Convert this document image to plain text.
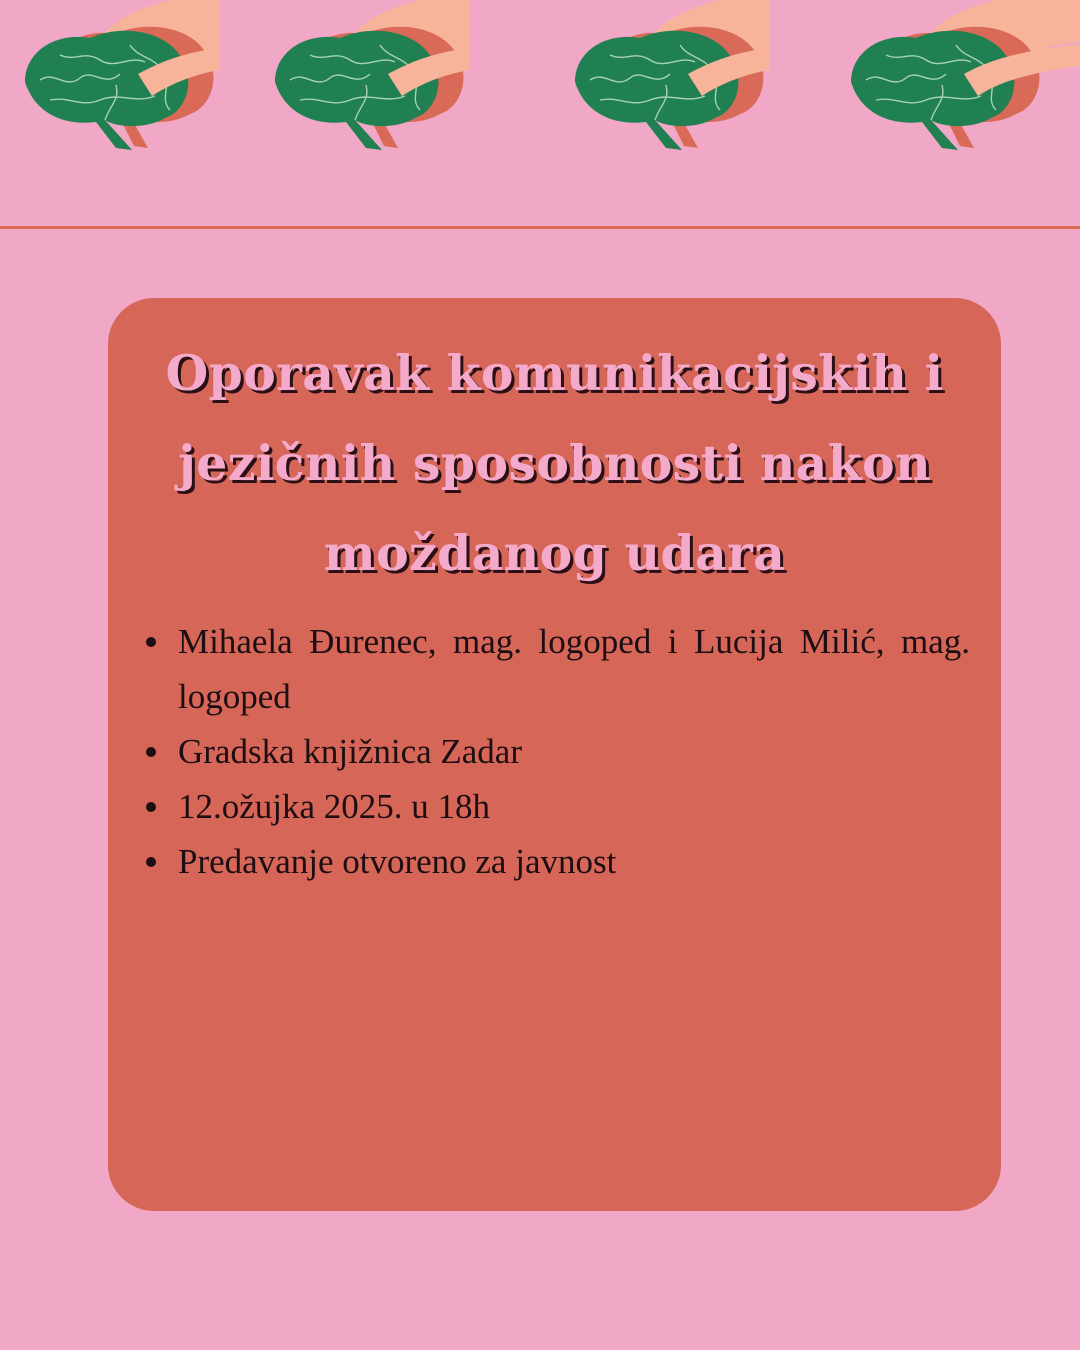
Oporavak komunikacijskih i jezičnih sposobnosti nakon moždanog udara
Mihaela Đurenec, mag. logoped i Lucija Milić, mag. logoped
Gradska knjižnica Zadar
12.ožujka 2025. u 18h
Predavanje otvoreno za javnost
